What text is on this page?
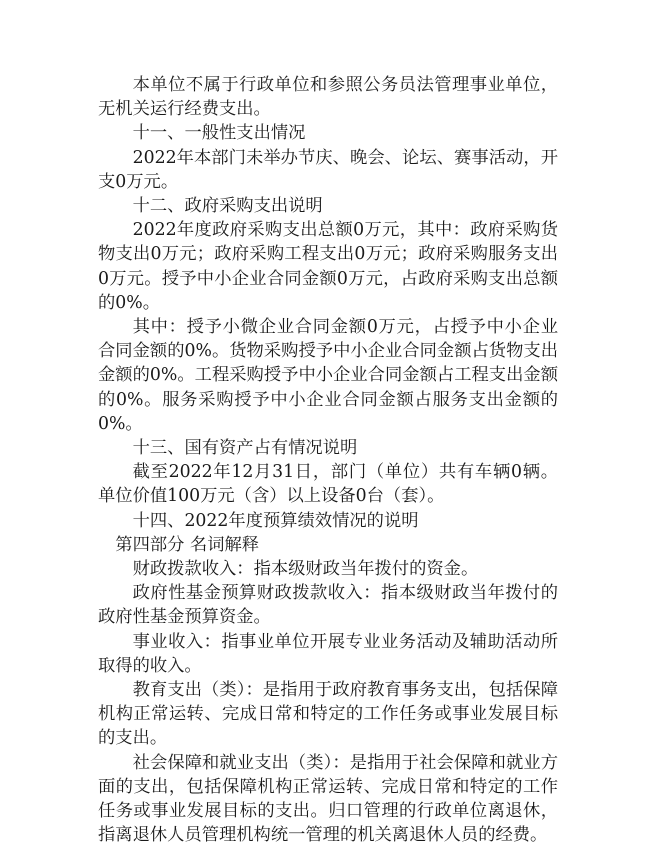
本单位不属于行政单位和参照公务员法管理事业单位，无机关运行经费支出。

十一、一般性支出情况

2022年本部门未举办节庆、晚会、论坛、赛事活动，开支0万元。

十二、政府采购支出说明

2022年度政府采购支出总额0万元，其中：政府采购货物支出0万元；政府采购工程支出0万元；政府采购服务支出0万元。授予中小企业合同金额0万元，占政府采购支出总额的0%。

其中：授予小微企业合同金额0万元，占授予中小企业合同金额的0%。货物采购授予中小企业合同金额占货物支出金额的0%。工程采购授予中小企业合同金额占工程支出金额的0%。服务采购授予中小企业合同金额占服务支出金额的0%。

十三、国有资产占有情况说明

截至2022年12月31日，部门（单位）共有车辆0辆。单位价值100万元（含）以上设备0台（套）。

十四、2022年度预算绩效情况的说明

第四部分 名词解释

财政拨款收入：指本级财政当年拨付的资金。

政府性基金预算财政拨款收入：指本级财政当年拨付的政府性基金预算资金。

事业收入：指事业单位开展专业业务活动及辅助活动所取得的收入。

教育支出（类）：是指用于政府教育事务支出，包括保障机构正常运转、完成日常和特定的工作任务或事业发展目标的支出。

社会保障和就业支出（类）：是指用于社会保障和就业方面的支出，包括保障机构正常运转、完成日常和特定的工作任务或事业发展目标的支出。归口管理的行政单位离退休，指离退休人员管理机构统一管理的机关离退休人员的经费。
